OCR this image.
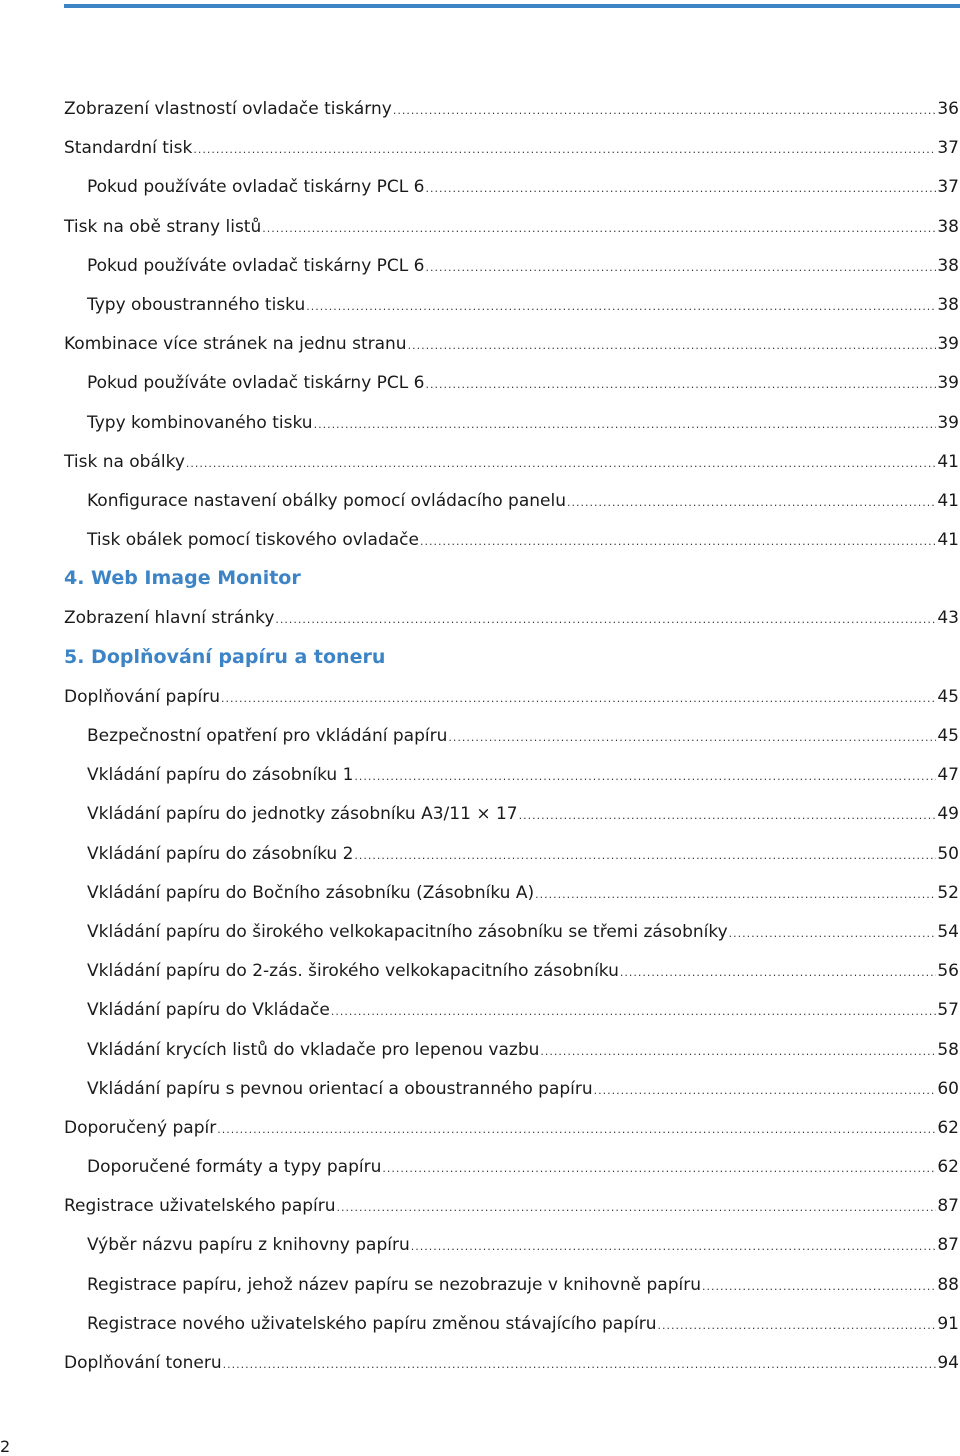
Zobrazení vlastností ovladače tiskárny .....	36
Standardní tisk .....	37
Pokud používáte ovladač tiskárny PCL 6 .....	37
Tisk na obě strany listů .....	38
Pokud používáte ovladač tiskárny PCL 6 .....	38
Typy oboustranného tisku .....	38
Kombinace více stránek na jednu stranu .....	39
Pokud používáte ovladač tiskárny PCL 6 .....	39
Typy kombinovaného tisku .....	39
Tisk na obálky .....	41
Konfigurace nastavení obálky pomocí ovládacího panelu .....	41
Tisk obálek pomocí tiskového ovladače .....	41
4. Web Image Monitor
Zobrazení hlavní stránky .....	43
5. Doplňování papíru a toneru
Doplňování papíru .....	45
Bezpečnostní opatření pro vkládání papíru .....	45
Vkládání papíru do zásobníku 1 .....	47
Vkládání papíru do jednotky zásobníku A3/11 × 17 .....	49
Vkládání papíru do zásobníku 2 .....	50
Vkládání papíru do Bočního zásobníku (Zásobníku A) .....	52
Vkládání papíru do širokého velkokapacitního zásobníku se třemi zásobníky .....	54
Vkládání papíru do 2-zás. širokého velkokapacitního zásobníku .....	56
Vkládání papíru do Vkládače .....	57
Vkládání krycích listů do vkladače pro lepenou vazbu .....	58
Vkládání papíru s pevnou orientací a oboustranného papíru .....	60
Doporučený papír .....	62
Doporučené formáty a typy papíru .....	62
Registrace uživatelského papíru .....	87
Výběr názvu papíru z knihovny papíru .....	87
Registrace papíru, jehož název papíru se nezobrazuje v knihovně papíru .....	88
Registrace nového uživatelského papíru změnou stávajícího papíru .....	91
Doplňování toneru .....	94
2
